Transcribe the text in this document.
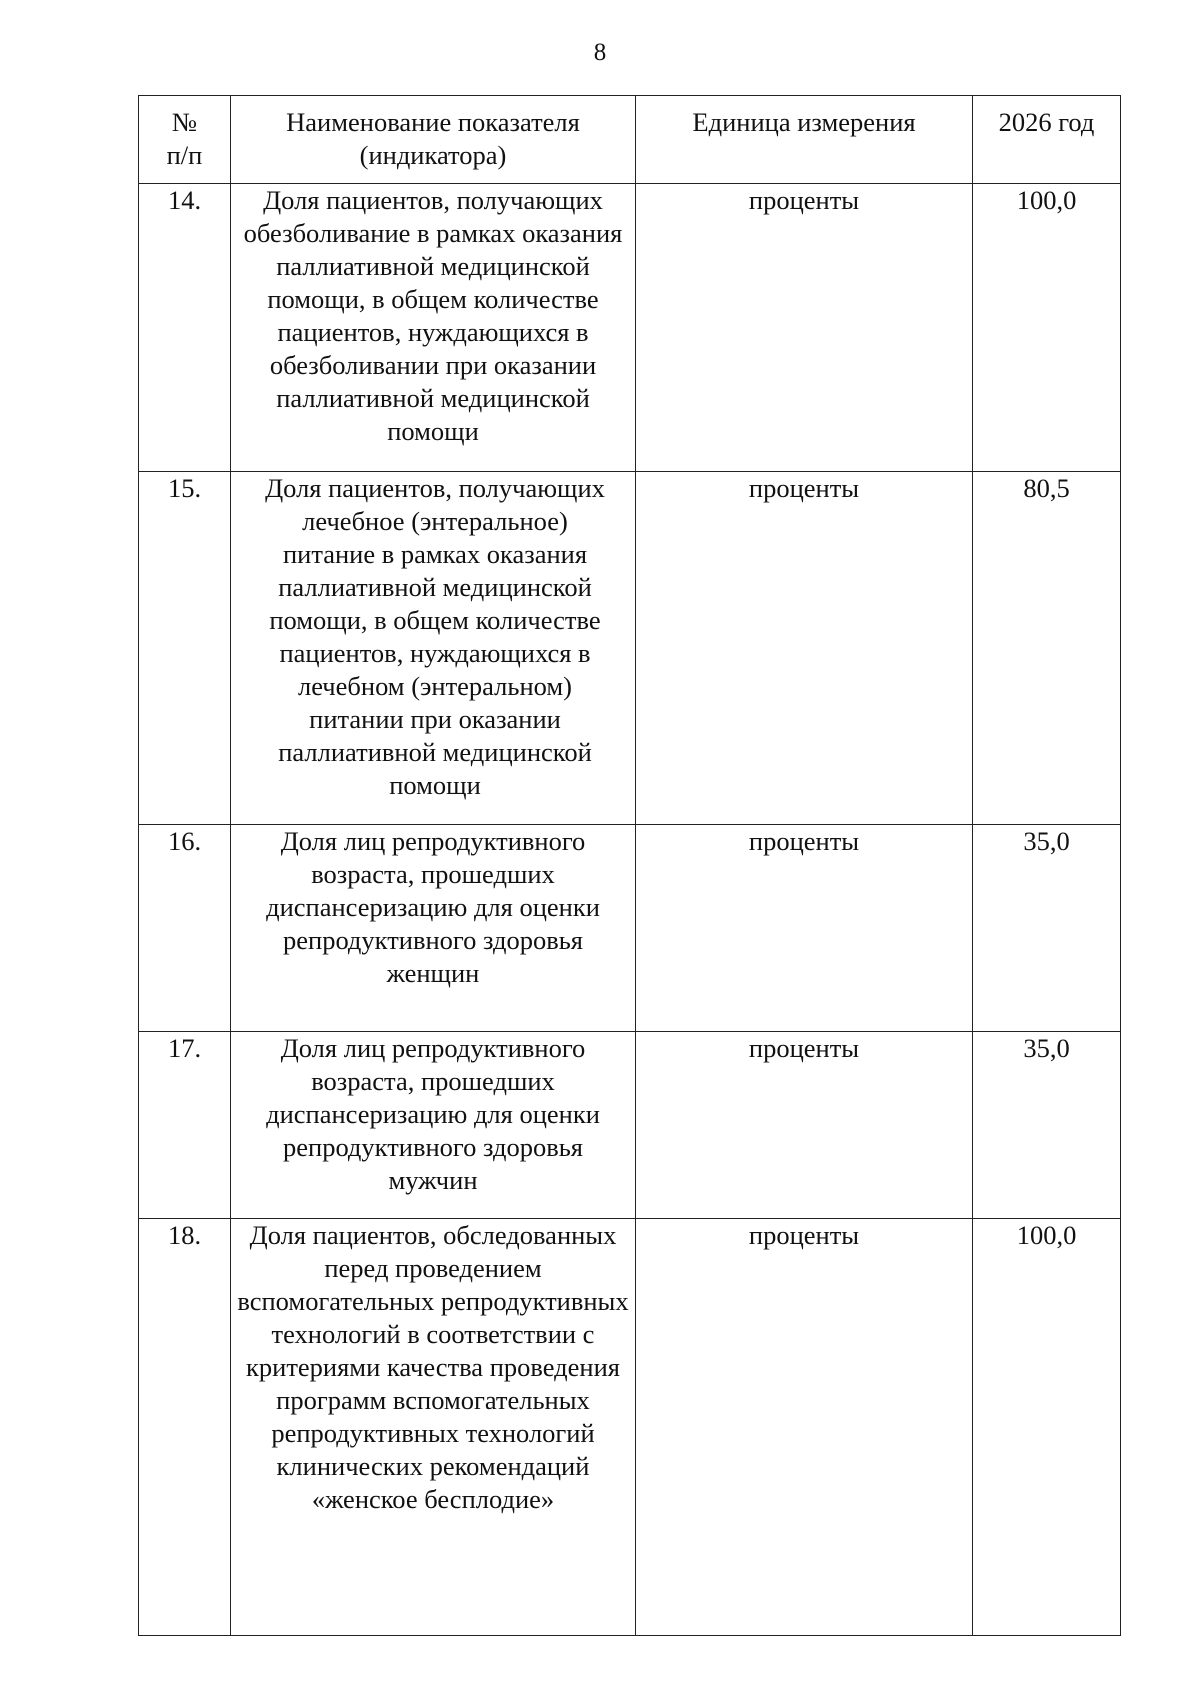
8
№ п/п	Наименование показателя (индикатора)	Единица измерения	2026 год
14.	Доля пациентов, получающих обезболивание в рамках оказания паллиативной медицинской помощи, в общем количестве пациентов, нуждающихся в обезболивании при оказании паллиативной медицинской помощи	проценты	100,0
15.	Доля пациентов, получающих лечебное (энтеральное) питание в рамках оказания паллиативной медицинской помощи, в общем количестве пациентов, нуждающихся в лечебном (энтеральном) питании при оказании паллиативной медицинской помощи	проценты	80,5
16.	Доля лиц репродуктивного возраста, прошедших диспансеризацию для оценки репродуктивного здоровья женщин	проценты	35,0
17.	Доля лиц репродуктивного возраста, прошедших диспансеризацию для оценки репродуктивного здоровья мужчин	проценты	35,0
18.	Доля пациентов, обследованных перед проведением вспомогательных репродуктивных технологий в соответствии с критериями качества проведения программ вспомогательных репродуктивных технологий клинических рекомендаций «женское бесплодие»	проценты	100,0
